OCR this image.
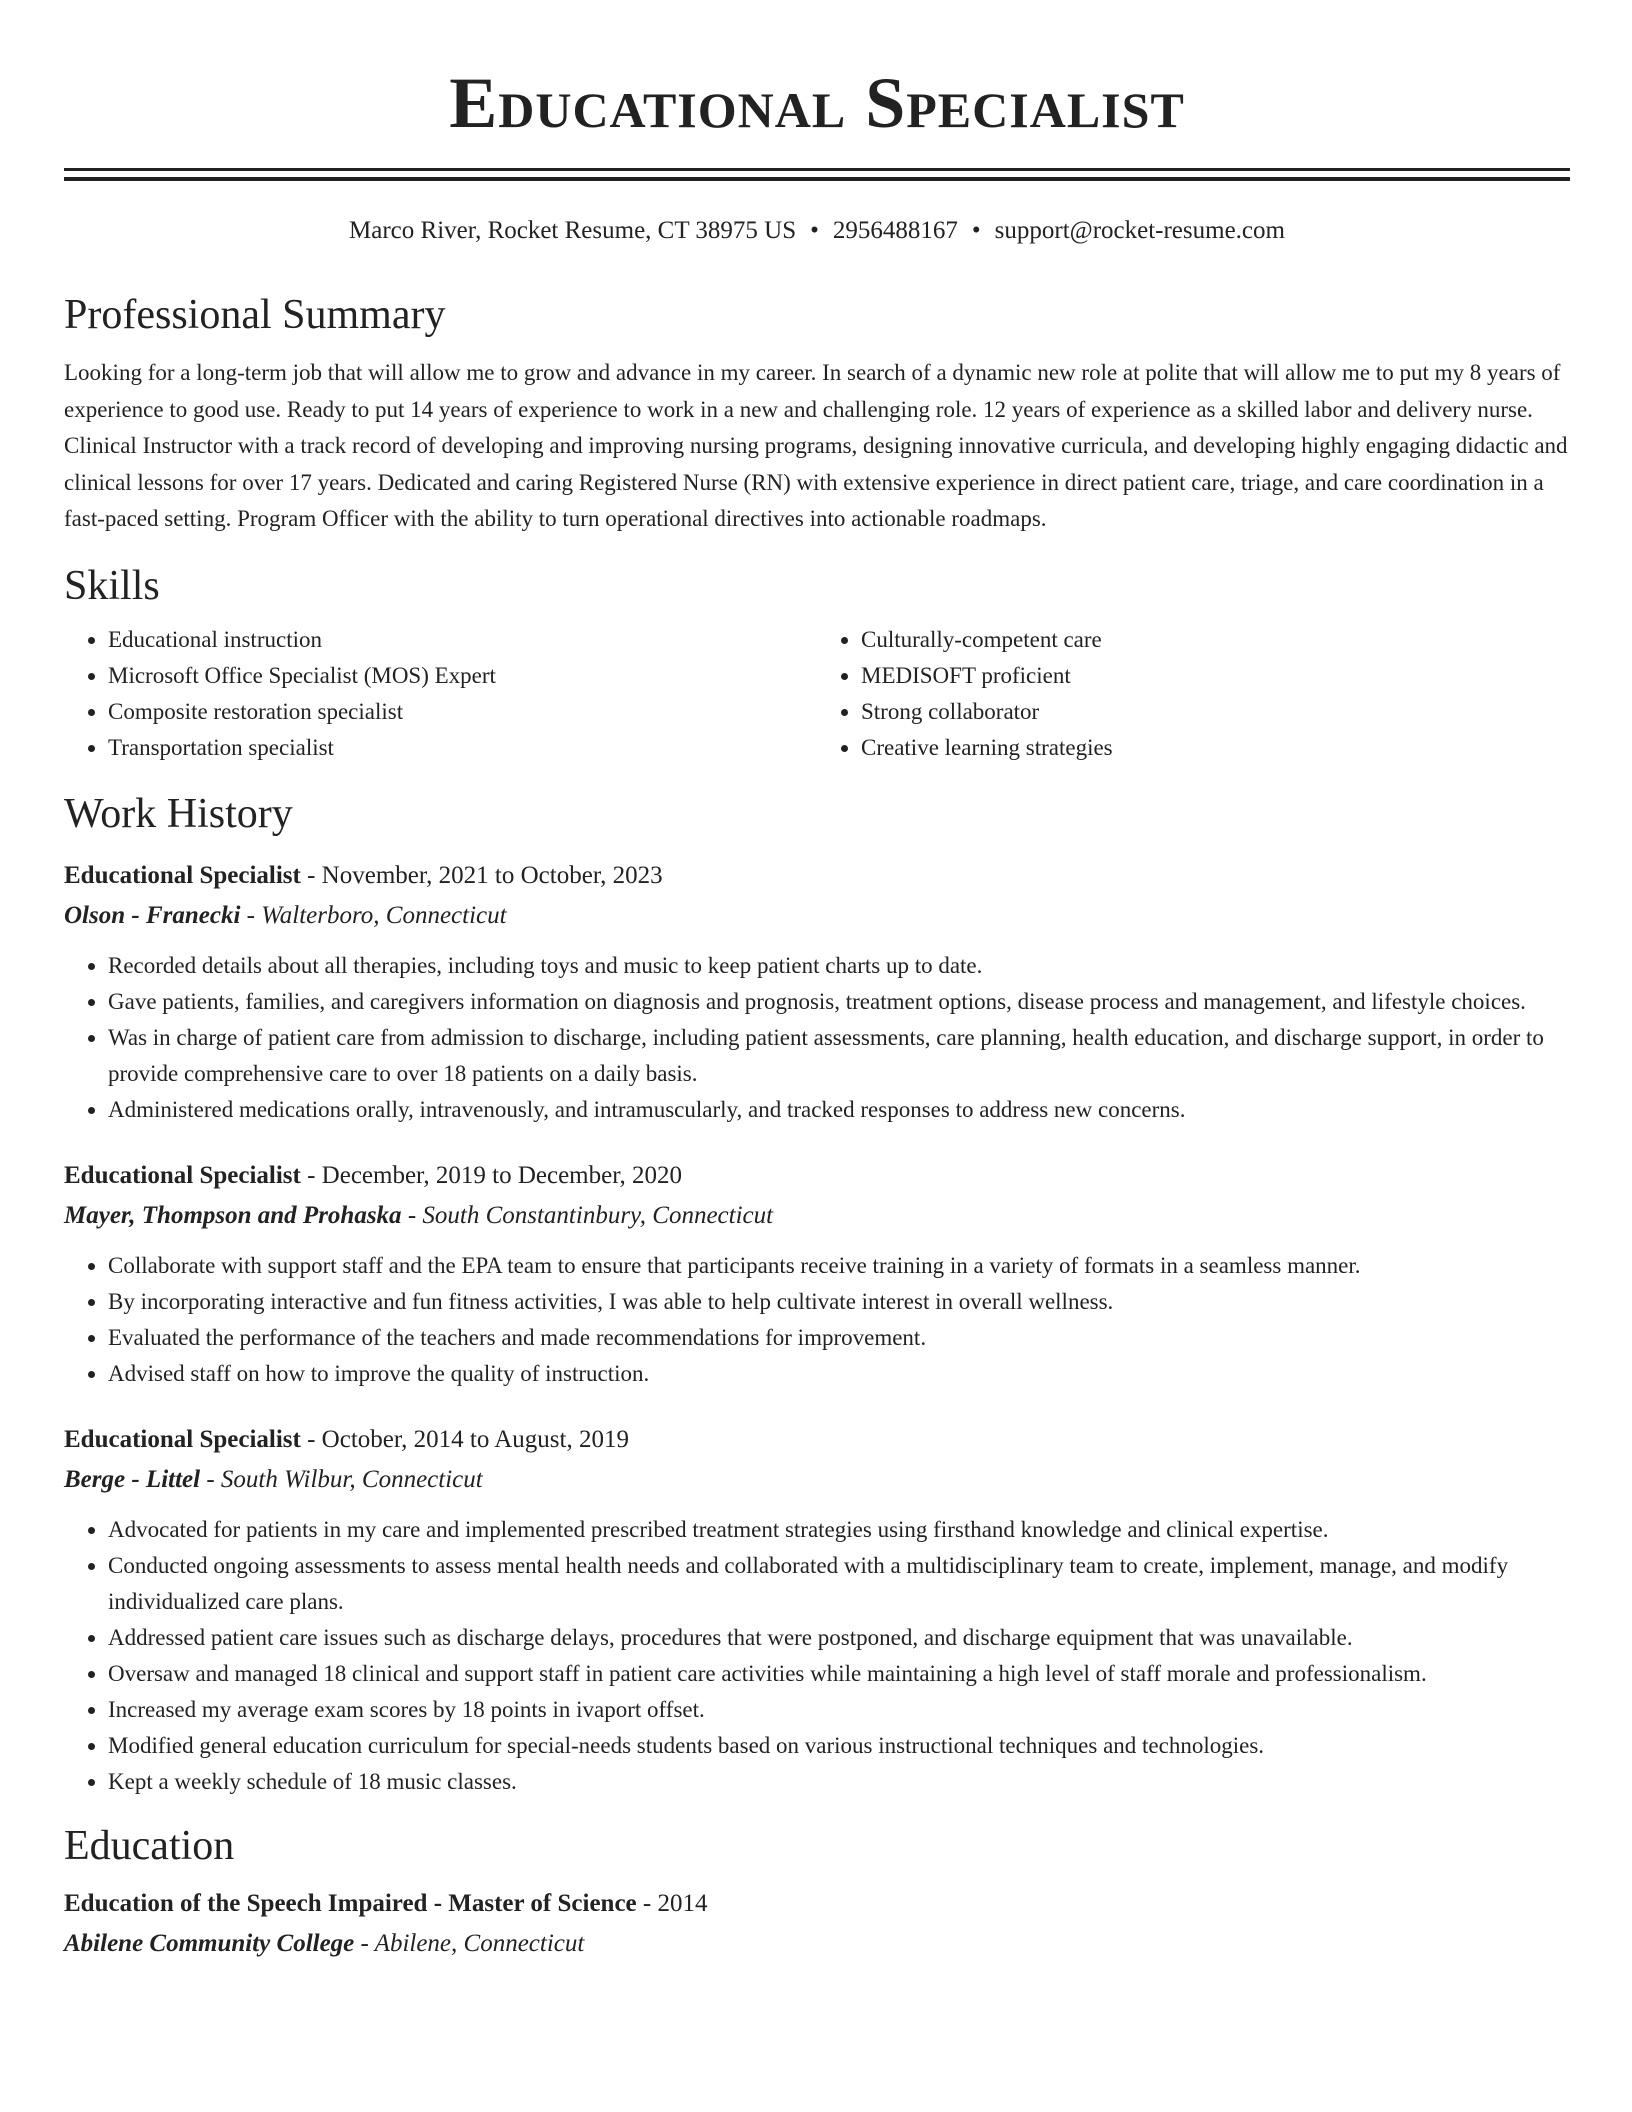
Educational Specialist
Marco River, Rocket Resume, CT 38975 US • 2956488167 • support@rocket-resume.com
Professional Summary
Looking for a long-term job that will allow me to grow and advance in my career. In search of a dynamic new role at polite that will allow me to put my 8 years of experience to good use. Ready to put 14 years of experience to work in a new and challenging role. 12 years of experience as a skilled labor and delivery nurse. Clinical Instructor with a track record of developing and improving nursing programs, designing innovative curricula, and developing highly engaging didactic and clinical lessons for over 17 years. Dedicated and caring Registered Nurse (RN) with extensive experience in direct patient care, triage, and care coordination in a fast-paced setting. Program Officer with the ability to turn operational directives into actionable roadmaps.
Skills
• Educational instruction
• Microsoft Office Specialist (MOS) Expert
• Composite restoration specialist
• Transportation specialist
• Culturally-competent care
• MEDISOFT proficient
• Strong collaborator
• Creative learning strategies
Work History
Educational Specialist - November, 2021 to October, 2023
Olson - Franecki - Walterboro, Connecticut
• Recorded details about all therapies, including toys and music to keep patient charts up to date.
• Gave patients, families, and caregivers information on diagnosis and prognosis, treatment options, disease process and management, and lifestyle choices.
• Was in charge of patient care from admission to discharge, including patient assessments, care planning, health education, and discharge support, in order to provide comprehensive care to over 18 patients on a daily basis.
• Administered medications orally, intravenously, and intramuscularly, and tracked responses to address new concerns.
Educational Specialist - December, 2019 to December, 2020
Mayer, Thompson and Prohaska - South Constantinbury, Connecticut
• Collaborate with support staff and the EPA team to ensure that participants receive training in a variety of formats in a seamless manner.
• By incorporating interactive and fun fitness activities, I was able to help cultivate interest in overall wellness.
• Evaluated the performance of the teachers and made recommendations for improvement.
• Advised staff on how to improve the quality of instruction.
Educational Specialist - October, 2014 to August, 2019
Berge - Littel - South Wilbur, Connecticut
• Advocated for patients in my care and implemented prescribed treatment strategies using firsthand knowledge and clinical expertise.
• Conducted ongoing assessments to assess mental health needs and collaborated with a multidisciplinary team to create, implement, manage, and modify individualized care plans.
• Addressed patient care issues such as discharge delays, procedures that were postponed, and discharge equipment that was unavailable.
• Oversaw and managed 18 clinical and support staff in patient care activities while maintaining a high level of staff morale and professionalism.
• Increased my average exam scores by 18 points in ivaport offset.
• Modified general education curriculum for special-needs students based on various instructional techniques and technologies.
• Kept a weekly schedule of 18 music classes.
Education
Education of the Speech Impaired - Master of Science - 2014
Abilene Community College - Abilene, Connecticut
